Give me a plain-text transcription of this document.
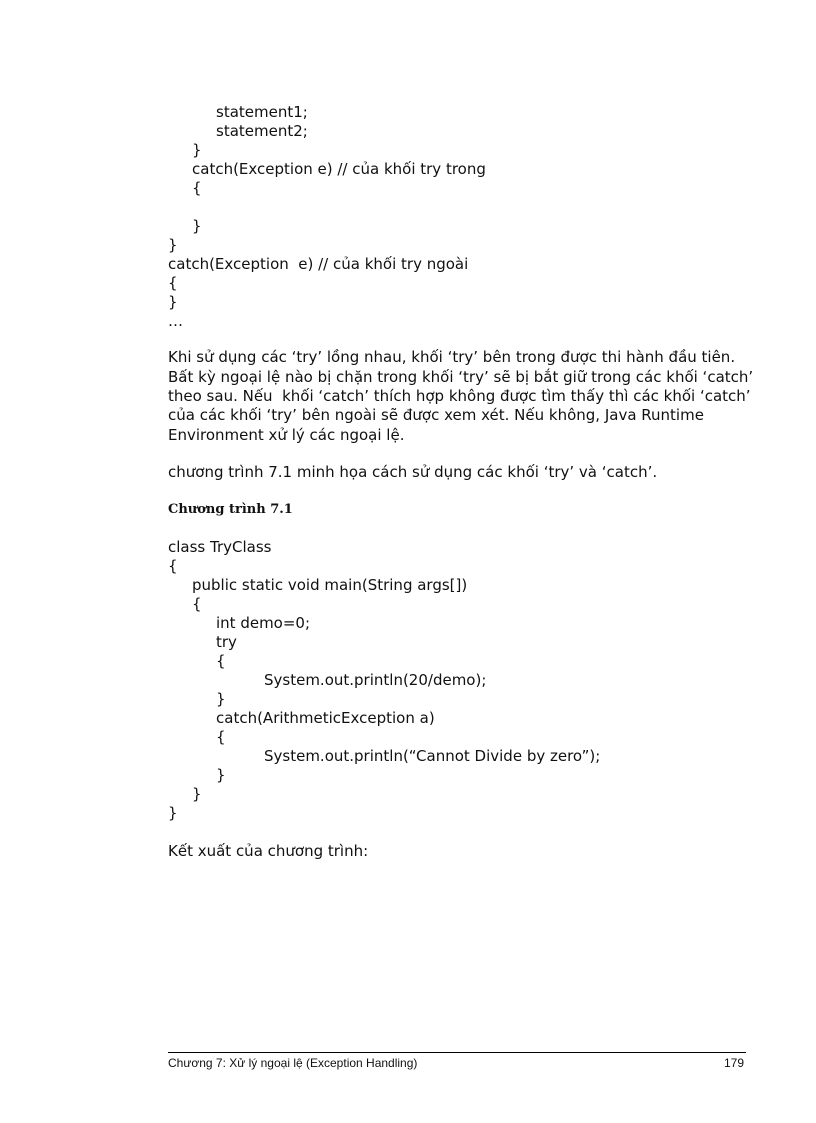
statement1;
statement2;
}
catch(Exception e) // của khối try trong
{
}
}
catch(Exception  e) // của khối try ngoài
{
}
…
Khi sử dụng các ‘try’ lồng nhau, khối ‘try’ bên trong được thi hành đầu tiên.
Bất kỳ ngoại lệ nào bị chặn trong khối ‘try’ sẽ bị bắt giữ trong các khối ‘catch’
theo sau. Nếu  khối ‘catch’ thích hợp không được tìm thấy thì các khối ‘catch’
của các khối ‘try’ bên ngoài sẽ được xem xét. Nếu không, Java Runtime
Environment xử lý các ngoại lệ.
chương trình 7.1 minh họa cách sử dụng các khối ‘try’ và ‘catch’.
Chương trình 7.1
class TryClass
{
public static void main(String args[])
{
int demo=0;
try
{
System.out.println(20/demo);
}
catch(ArithmeticException a)
{
System.out.println(“Cannot Divide by zero”);
}
}
}
Kết xuất của chương trình:
Chương 7: Xử lý ngoại lệ (Exception Handling)	179
